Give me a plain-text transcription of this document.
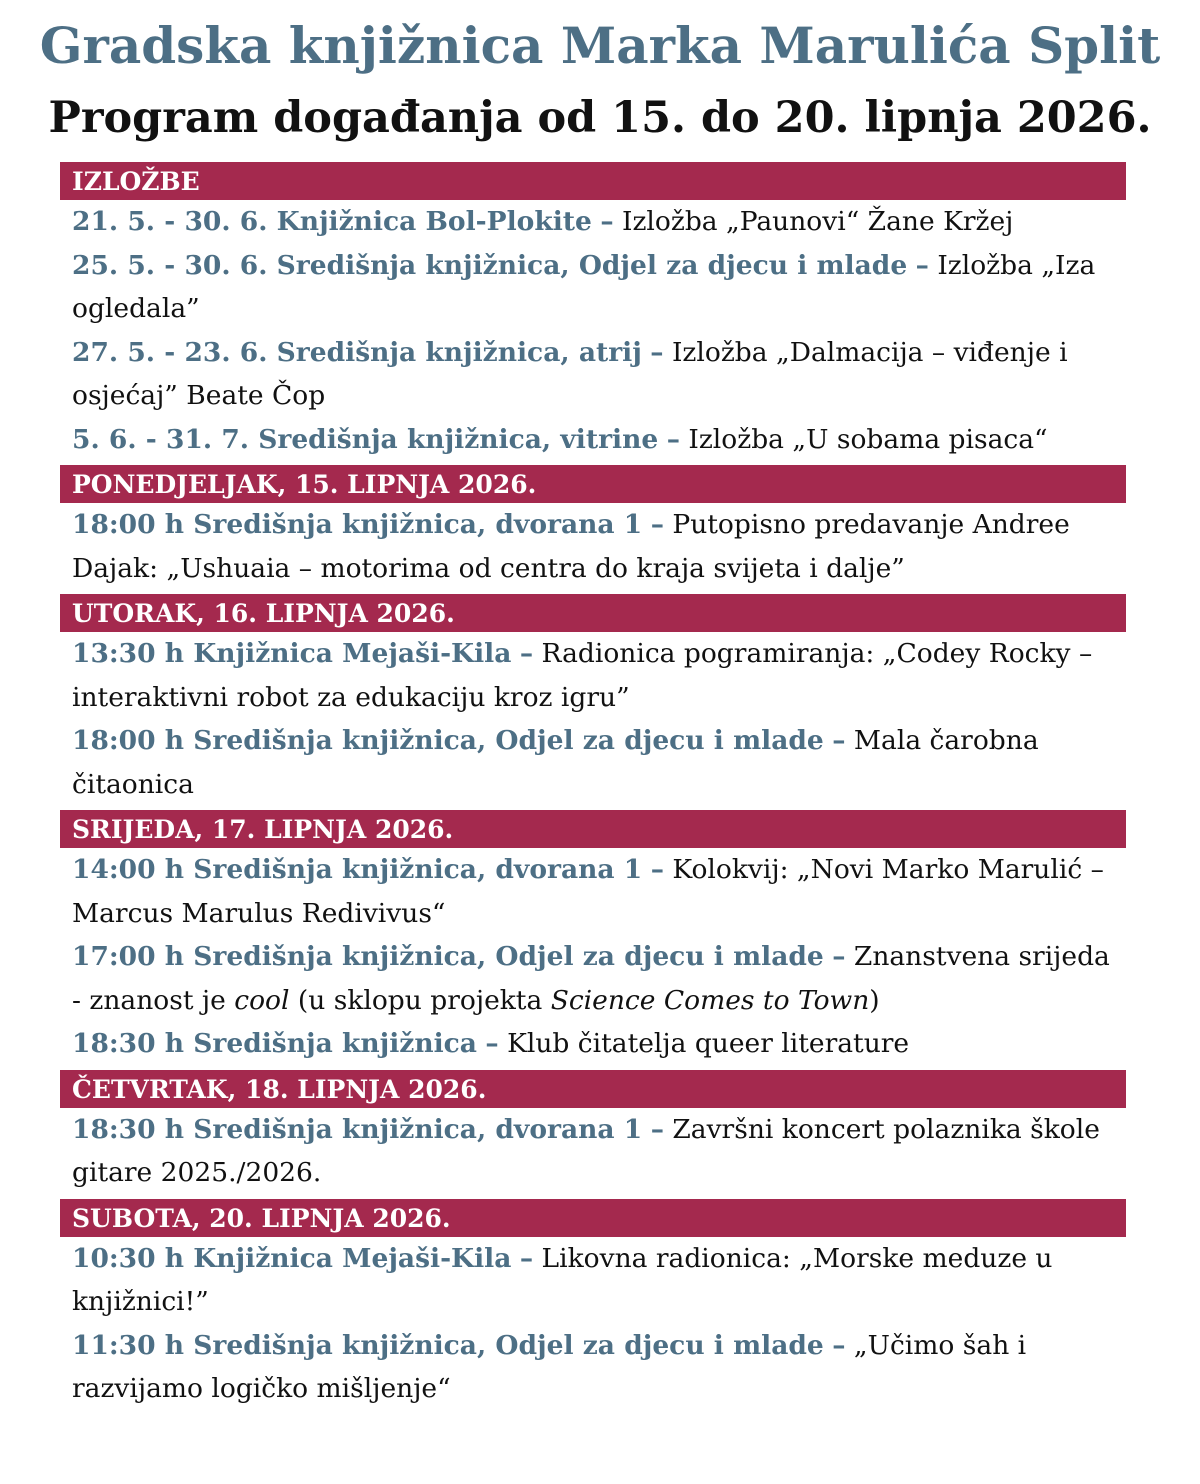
Gradska knjižnica Marka Marulića Split
Program događanja od 15. do 20. lipnja 2026.
IZLOŽBE
21. 5. - 30. 6. Knjižnica Bol-Plokite – Izložba „Paunovi“ Žane Kržej
25. 5. - 30. 6. Središnja knjižnica, Odjel za djecu i mlade – Izložba „Iza ogledala”
27. 5. - 23. 6. Središnja knjižnica, atrij – Izložba „Dalmacija – viđenje i osjećaj” Beate Čop
5. 6. - 31. 7. Središnja knjižnica, vitrine – Izložba „U sobama pisaca“
PONEDJELJAK, 15. LIPNJA 2026.
18:00 h Središnja knjižnica, dvorana 1 – Putopisno predavanje Andree Dajak: „Ushuaia – motorima od centra do kraja svijeta i dalje”
UTORAK, 16. LIPNJA 2026.
13:30 h Knjižnica Mejaši-Kila – Radionica pogramiranja: „Codey Rocky – interaktivni robot za edukaciju kroz igru”
18:00 h Središnja knjižnica, Odjel za djecu i mlade – Mala čarobna čitaonica
SRIJEDA, 17. LIPNJA 2026.
14:00 h Središnja knjižnica, dvorana 1 – Kolokvij: „Novi Marko Marulić – Marcus Marulus Redivivus“
17:00 h Središnja knjižnica, Odjel za djecu i mlade – Znanstvena srijeda - znanost je cool (u sklopu projekta Science Comes to Town)
18:30 h Središnja knjižnica – Klub čitatelja queer literature
ČETVRTAK, 18. LIPNJA 2026.
18:30 h Središnja knjižnica, dvorana 1 – Završni koncert polaznika škole gitare 2025./2026.
SUBOTA, 20. LIPNJA 2026.
10:30 h Knjižnica Mejaši-Kila – Likovna radionica: „Morske meduze u knjižnici!”
11:30 h Središnja knjižnica, Odjel za djecu i mlade – „Učimo šah i razvijamo logičko mišljenje“
